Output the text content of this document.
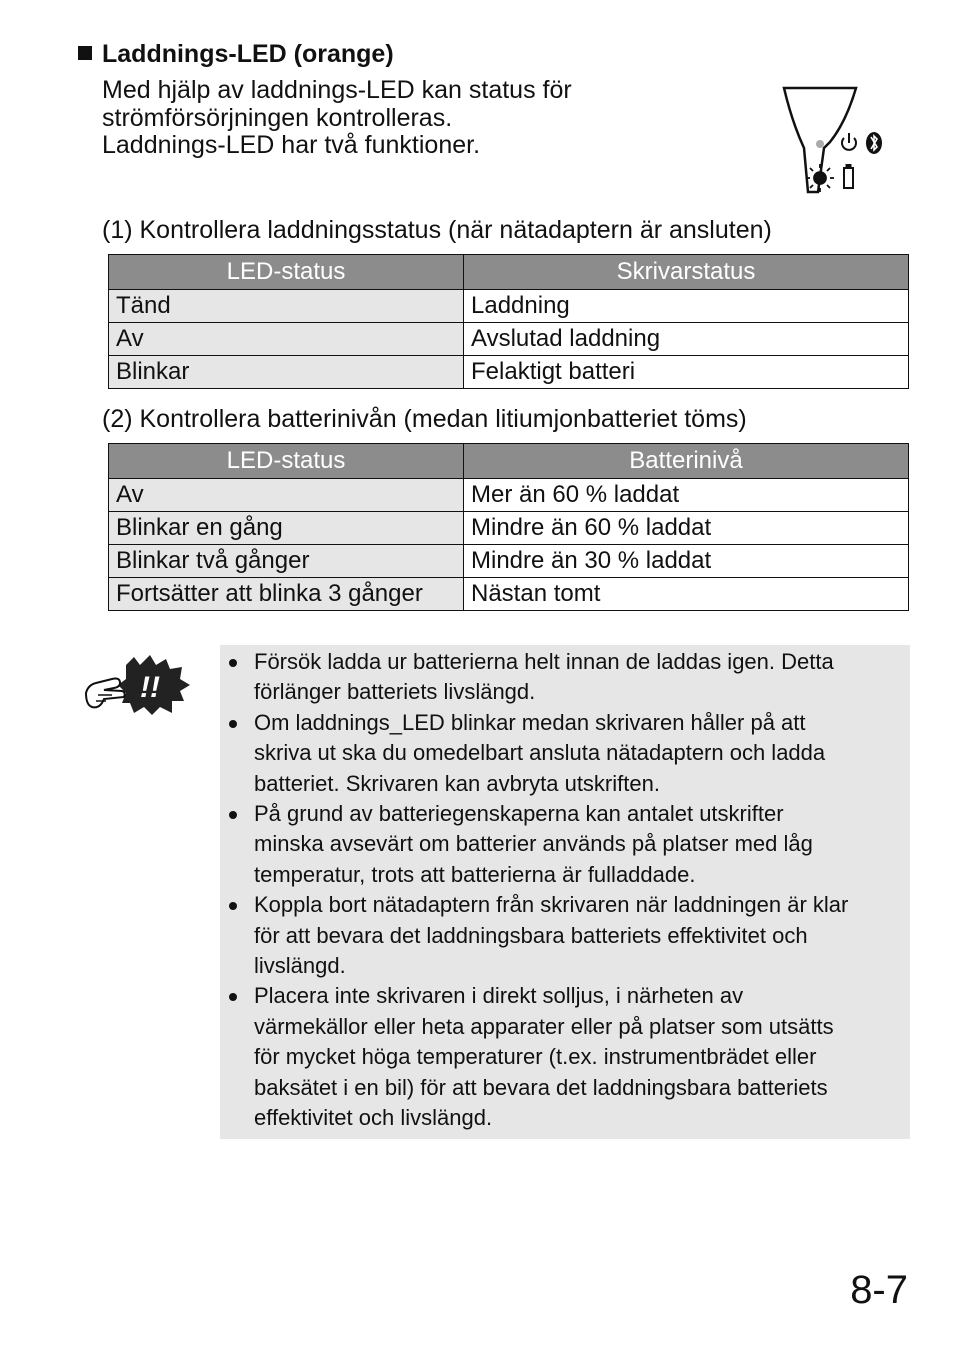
Laddnings-LED (orange)
Med hjälp av laddnings-LED kan status för
strömförsörjningen kontrolleras.
Laddnings-LED har två funktioner.
(1) Kontrollera laddningsstatus (när nätadaptern är ansluten)
LED-status	Skrivarstatus
Tänd	Laddning
Av	Avslutad laddning
Blinkar	Felaktigt batteri
(2) Kontrollera batterinivån (medan litiumjonbatteriet töms)
LED-status	Batterinivå
Av	Mer än 60 % laddat
Blinkar en gång	Mindre än 60 % laddat
Blinkar två gånger	Mindre än 30 % laddat
Fortsätter att blinka 3 gånger	Nästan tomt
!!
Försök ladda ur batterierna helt innan de laddas igen. Detta
förlänger batteriets livslängd.
Om laddnings_LED blinkar medan skrivaren håller på att
skriva ut ska du omedelbart ansluta nätadaptern och ladda
batteriet. Skrivaren kan avbryta utskriften.
På grund av batteriegenskaperna kan antalet utskrifter
minska avsevärt om batterier används på platser med låg
temperatur, trots att batterierna är fulladdade.
Koppla bort nätadaptern från skrivaren när laddningen är klar
för att bevara det laddningsbara batteriets effektivitet och
livslängd.
Placera inte skrivaren i direkt solljus, i närheten av
värmekällor eller heta apparater eller på platser som utsätts
för mycket höga temperaturer (t.ex. instrumentbrädet eller
baksätet i en bil) för att bevara det laddningsbara batteriets
effektivitet och livslängd.
8-7
